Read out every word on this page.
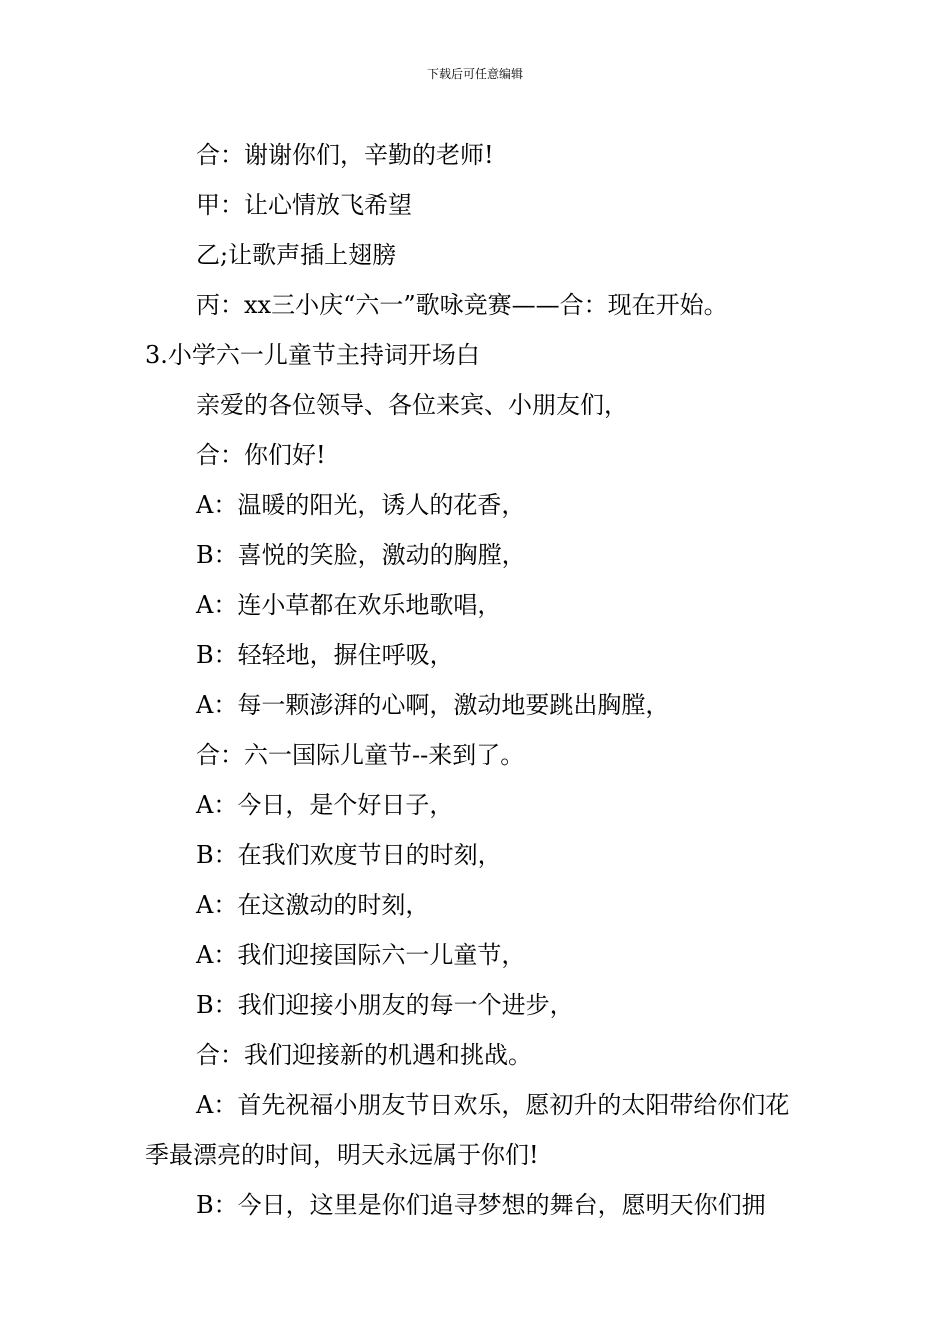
下载后可任意编辑
合：谢谢你们，辛勤的老师!
甲：让心情放飞希望
乙;让歌声插上翅膀
丙：xx三小庆“六一”歌咏竞赛——合：现在开始。
3.小学六一儿童节主持词开场白
亲爱的各位领导、各位来宾、小朋友们，
合：你们好!
A：温暖的阳光，诱人的花香，
B：喜悦的笑脸，激动的胸膛，
A：连小草都在欢乐地歌唱，
B：轻轻地，摒住呼吸，
A：每一颗澎湃的心啊，激动地要跳出胸膛，
合：六一国际儿童节--来到了。
A：今日，是个好日子，
B：在我们欢度节日的时刻，
A：在这激动的时刻，
A：我们迎接国际六一儿童节，
B：我们迎接小朋友的每一个进步，
合：我们迎接新的机遇和挑战。
A：首先祝福小朋友节日欢乐，愿初升的太阳带给你们花季最漂亮的时间，明天永远属于你们!
B：今日，这里是你们追寻梦想的舞台，愿明天你们拥
